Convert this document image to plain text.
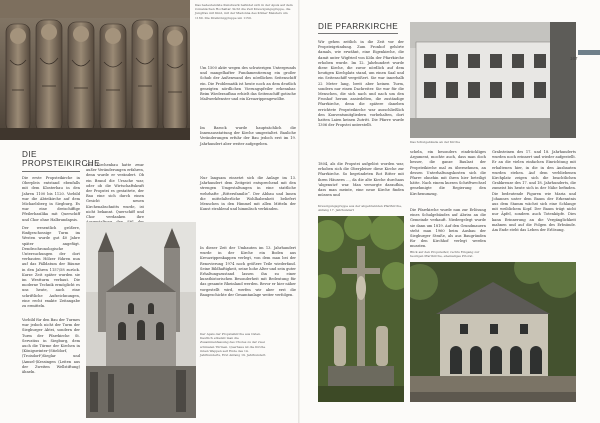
Das bedeutendste Kunstwerk befindet sich in der Apsis auf dem romanischen Hochaltar. Sicht die Zeit Kreuzigungsgruppe, die Jungfrau mit Kind, mit der Madonna des Kölner Meisters um 1160. Die Dreiköniggruppe um 1150.

DIE

PROPSTEIKIRCHE

Die erste Propsteikirche in Oberpleis entstand ebenfalls mit dem Klosterbau in den Jahren 1100 bis 1120. Vorbild war die Abteikirche auf dem Michaelsberg in Siegburg. Es war eine dreischiffige Pfeilerbasilika mit Querschiff und Chor ohne Halbrundapsis.

Der wesentlich größere, fünfgeschossige Turm im Westen wurde gut 40 Jahre später angefügt. Dendrochronologische Untersuchungen der dort verbauten Hölzer führen nun auf das Fälldatum der Bäume in den Jahren 1157/58 zurück. Kurze Zeit später wurden sie im Westturm verbaut. Die moderne Technik ermöglicht es uns heute, auch eine schriftliche Aufzeichnungen, eine recht exakte Zeitangabe zu ermitteln.

Vorbild für den Bau der Turmes war jedoch nicht der Turm der Siegburger Abtei, sondern der Turm der Pfarrkirche St. Servatius in Siegburg, dem auch die Türme der Kirchen in (Königswinter-)Stieldorf, (Troisdorf-)Sieglar und (Amsel-)Kessingen (Leiten aus der Zweiten Wellstiftung) ähneln.

Der Kirchenbau hatte zwar außer Veränderungen erfahren, denn wurde er verändert. Ob ein Brand die Ursache war, oder ob die Wirtschaftskraft der Propstei es gestattete, der Bau eine sich durch einen Gesicht neuen Kirchenabschnitts wurde, ist nicht bekannt. Querschiff und Chor verdanken ihre

Um 1500 aktiv wegen des schwierigen Untergrunds und mangelhafter Fundamentierung ein großer Schub der Außenwand des nördlichen Seitenschiff ein. Die Problematik ist heute noch an dem deutlich geneigten nördlichen Vierungspfeiler erkennbar. Beim Wiederaufbau erhielt das Seitenschiff gotische Maßwerkfenster und ein Kreuzrippengewölbe.

Im Barock wurde hauptsächlich die Innenausstattung der Kirche umgestaltet. Bauliche Veränderungen erfuhr der Bau jedoch erst im 19. Jahrhundert aber weiter aufgegeben.

Nur langsam einsetzt sich die Anlage im 13. Jahrhundert dem Zeitgeist entsprechend mit den strengen Umgestaltungen in eine stattliche wehrhafte „Rittersfamilie“. Der Abbau und Innen die mittelalterliche Wohlhabenheit beliefert Menschen in den Himmel mit allen Mitteln der Kunst strahlend und himmlisch verkünden.

In dieser Zeit der Umbauten im 13. Jahrhundert wurde in der Kirche ein Boden aus Kreuzrippenkappen verlegt, von dem man bei der Renovierung 1974 noch größere Teile wiederfand. Seine Bildhaftigkeit, seine hohe Alter und sein guter Erhaltungszustand lassen ihn zu einer kunsthistorischen Besonderheit mit Bedeutung für das gesamte Rheinland werden. Bevor er hier näher vorgestellt wird, werfen wir aber erst die Baugeschichte der Gesamtanlage weiter verfolgen.

Der Apsis der Propsteikirche aus Osten. Deutlich erkennt man die Zusammenfassung des Chores zu der zwei schmalen Türmen. Querhaus ist die Kirche innen Wappen seit Ende des 14. Jahrhunderts, Erst Anfang 19. Jahrhundert.

DIE PFARRKIRCHE

Wir gehen zeitlich in die Zeit vor der Propsteigründung. Zum Fronhof gehörte damals, wie erwähnt, eine Eigenkirche, die damit unter Wigfried von Köln der Pfarrkirche erhoben wurde. Im 12. Jahrhundert wurde diese Kirche, die zuvor nördlich auf dem heutigen Kirchplatz stand, um einen Saal und ein Seitenschiff vergrößert. Sie war innerhalb 22 Meter lang, breit aber keinen Turm, sondern nur einen Dachreiter. Sie war für die Menschen, die sich nach und nach um den Fronhof herum ansiedelten, die zuständige Pfarrkirche, denn die spätere daneben errichtete Propsteikirche war ausschließlich den Konventsmitgliedern vorbehalten, dort hatten Laien keinen Zutritt. Die Pfarre wurde 1306 der Propstei unterstellt.

1804, als die Propstei aufgelöst worden war, erhoben sich die Oberpleiser diese Kirche zur Pfarrkirche. So begründeten Rot Ritter mit ihren Häusern ..., da die alte Kirche durchaus 'abgenutzt' war. Man versorgte daraufhin, dass man meinte, eine neue Kirche finden müssen und

Das Schulgebäude an der Kirche

scheln, ein besonders eindrückliges Argument, mochte auch, dass man doch besser, die ganze Baulast der Propsteikirche mal zu übernehmen, an dessen Unterhaltungskosten sich die Pfarre ohnehin mit ihren hier beteiligt hätte. Nach einem kurzen Schriftwechsel genehmigte die Regierung den Kirchenumzug.

Die Pfarrkirche wurde nun zur Erlösung eines Schulgebäudes auf Abriss an die Gemeinde verkauft. Niedergelegt wurde sie dann um 1819. Auf den Grundmauern steht man 1960 beim Ausbau der Siegburger Straße, als aus Baugründen für den Kirchhof verlegt werden mussten.

Grabsteinen des 17. und 18. Jahrhunderts wurden noch erinnert und wieder aufgestellt. Er an die vielen einfachen Einrichtung mit erhaltenen hier, in die in den Ausbauten wurden stehen. Auf dem verbliebenen Kirchplatz zeigen sich die beachtlichen Grabkreuze des 17. und 18. Jahrhunderts, die zumeist bis heute sich in der Nähe befinden. Die bedeutende Figuren wie Maria und Johannes unter dem Baum der Erkenntnis aus dem Stamm wächst sich eine Schlange mit weiblichem Kopf. Der Baum trägt nicht nur Äpfel, sondern auch Totenköpfe. Dies kann Erinnerung an die Vergänglichkeit mahnen und auf die Folgen des Erbsünde. Am Ende steht das Leben der Erlösung.

Kreuzigungsgruppe aus der abgebrannten Pfarrkirche, Anfang 17. Jahrhundert

Blick auf den Propsteihof, rechts Eingang zur heutigen Pfarrkirche, ehemaliges Priorat.

167
